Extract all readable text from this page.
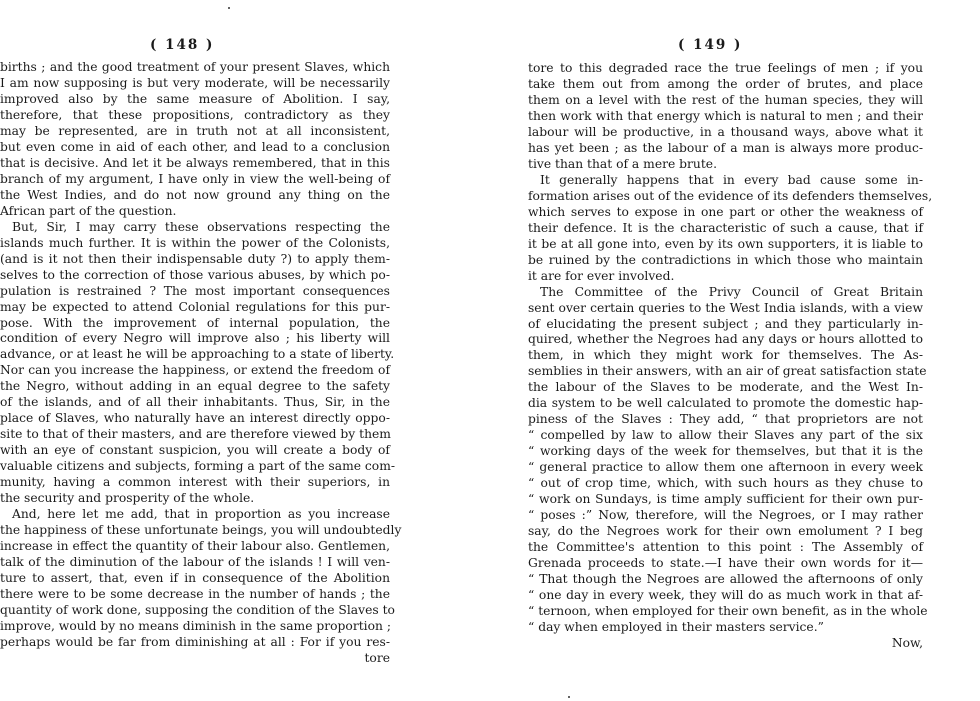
( 148 )
births ; and the good treatment of your present Slaves, which
I am now supposing is but very moderate, will be necessarily
improved also by the same measure of Abolition. I say,
therefore, that these propositions, contradictory as they
may be represented, are in truth not at all inconsistent,
but even come in aid of each other, and lead to a conclusion
that is decisive. And let it be always remembered, that in this
branch of my argument, I have only in view the well-being of
the West Indies, and do not now ground any thing on the
African part of the question.
But, Sir, I may carry these observations respecting the
islands much further. It is within the power of the Colonists,
(and is it not then their indispensable duty ?) to apply them-
selves to the correction of those various abuses, by which po-
pulation is restrained ? The most important consequences
may be expected to attend Colonial regulations for this pur-
pose. With the improvement of internal population, the
condition of every Negro will improve also ; his liberty will
advance, or at least he will be approaching to a state of liberty.
Nor can you increase the happiness, or extend the freedom of
the Negro, without adding in an equal degree to the safety
of the islands, and of all their inhabitants. Thus, Sir, in the
place of Slaves, who naturally have an interest directly oppo-
site to that of their masters, and are therefore viewed by them
with an eye of constant suspicion, you will create a body of
valuable citizens and subjects, forming a part of the same com-
munity, having a common interest with their superiors, in
the security and prosperity of the whole.
And, here let me add, that in proportion as you increase
the happiness of these unfortunate beings, you will undoubtedly
increase in effect the quantity of their labour also. Gentlemen,
talk of the diminution of the labour of the islands ! I will ven-
ture to assert, that, even if in consequence of the Abolition
there were to be some decrease in the number of hands ; the
quantity of work done, supposing the condition of the Slaves to
improve, would by no means diminish in the same proportion ;
perhaps would be far from diminishing at all : For if you res-
tore
( 149 )
tore to this degraded race the true feelings of men ; if you
take them out from among the order of brutes, and place
them on a level with the rest of the human species, they will
then work with that energy which is natural to men ; and their
labour will be productive, in a thousand ways, above what it
has yet been ; as the labour of a man is always more produc-
tive than that of a mere brute.
It generally happens that in every bad cause some in-
formation arises out of the evidence of its defenders themselves,
which serves to expose in one part or other the weakness of
their defence. It is the characteristic of such a cause, that if
it be at all gone into, even by its own supporters, it is liable to
be ruined by the contradictions in which those who maintain
it are for ever involved.
The Committee of the Privy Council of Great Britain
sent over certain queries to the West India islands, with a view
of elucidating the present subject ; and they particularly in-
quired, whether the Negroes had any days or hours allotted to
them, in which they might work for themselves. The As-
semblies in their answers, with an air of great satisfaction state
the labour of the Slaves to be moderate, and the West In-
dia system to be well calculated to promote the domestic hap-
piness of the Slaves : They add, “ that proprietors are not
“ compelled by law to allow their Slaves any part of the six
“ working days of the week for themselves, but that it is the
“ general practice to allow them one afternoon in every week
“ out of crop time, which, with such hours as they chuse to
“ work on Sundays, is time amply sufficient for their own pur-
“ poses :” Now, therefore, will the Negroes, or I may rather
say, do the Negroes work for their own emolument ? I beg
the Committee's attention to this point : The Assembly of
Grenada proceeds to state.—I have their own words for it—
“ That though the Negroes are allowed the afternoons of only
“ one day in every week, they will do as much work in that af-
“ ternoon, when employed for their own benefit, as in the whole
“ day when employed in their masters service.”
Now,
